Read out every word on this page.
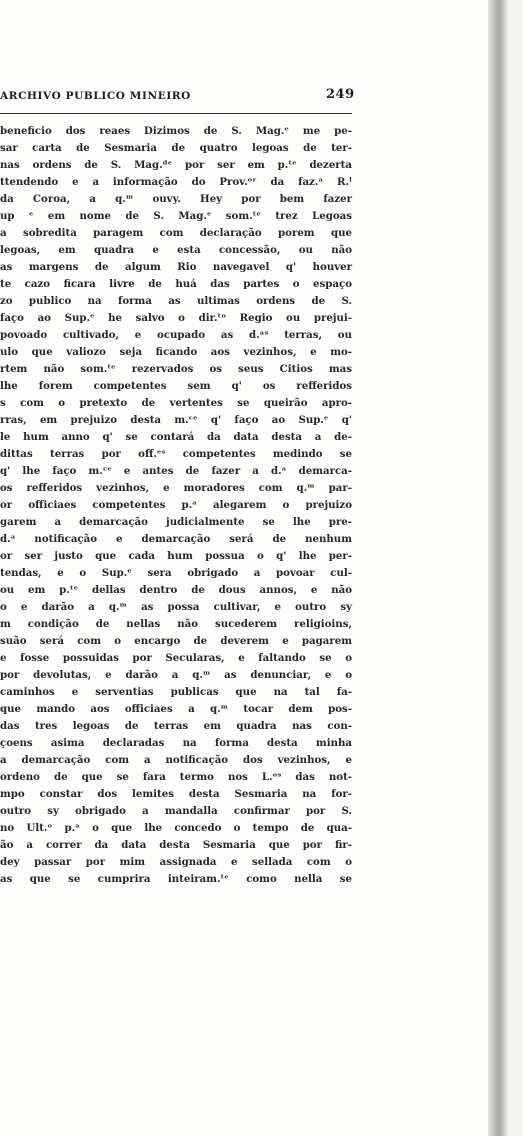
ARCHIVO PUBLICO MINEIRO	249
beneficio dos reaes Dizimos de S. Mag.ᵉ me pe-
sar carta de Sesmaria de quatro legoas de ter-
nas ordens de S. Mag.ᵈᵉ por ser em p.ᵗᵉ dezerta
ttendendo e a informação do Prov.ᵒʳ da faz.ᵃ R.ˡ
da Coroa, a q.ᵐ ouvy. Hey por bem fazer
up ᵉ em nome de S. Mag.ᵉ som.ᵗᵉ trez Legoas
a sobredita paragem com declaração porem que
legoas, em quadra e esta concessão, ou não
as margens de algum Rio navegavel q' houver
te cazo ficara livre de huá das partes o espaço
zo publico na forma as ultimas ordens de S.
faço ao Sup.ᵉ he salvo o dir.ᵗᵒ Regio ou prejui-
povoado cultivado, e ocupado as d.ᵃˢ terras, ou
ulo que valiozo seja ficando aos vezinhos, e mo-
rtem não som.ᵗᵉ rezervados os seus Citios mas
lhe forem competentes sem q' os refferidos
s com o pretexto de vertentes se queirão apro-
rras, em prejuizo desta m.ᶜᵉ q' faço ao Sup.ᵉ q'
le hum anno q' se contará da data desta a de-
dittas terras por off.ᵉˢ competentes medindo se
q' lhe faço m.ᶜᵉ e antes de fazer a d.ᵃ demarca-
os refferidos vezinhos, e moradores com q.ᵐ par-
or officiaes competentes p.ᵃ alegarem o prejuizo
garem a demarcação judicialmente se lhe pre-
d.ᵃ notificação e demarcação será de nenhum
or ser justo que cada hum possua o q' lhe per-
tendas, e o Sup.ᵉ sera obrigado a povoar cul-
ou em p.ᵗᵉ dellas dentro de dous annos, e não
o e darão a q.ᵐ as possa cultivar, e outro sy
m condição de nellas não sucederem religioins,
suão será com o encargo de deverem e pagarem
e fosse possuidas por Secularas, e faltando se o
por devolutas, e darão a q.ᵐ as denunciar, e o
caminhos e serventias publicas que na tal fa-
que mando aos officiaes a q.ᵐ tocar dem pos-
das tres legoas de terras em quadra nas con-
çoens asima declaradas na forma desta minha
a demarcação com a notificação dos vezinhos, e
ordeno de que se fara termo nos L.ᵒˢ das not-
mpo constar dos lemites desta Sesmaria na for-
outro sy obrigado a mandalla confirmar por S.
no Ult.ᵒ p.ᵃ o que lhe concedo o tempo de qua-
ão a correr da data desta Sesmaria que por fir-
dey passar por mim assignada e sellada com o
as que se cumprira inteiram.ᵗᵉ como nella se
